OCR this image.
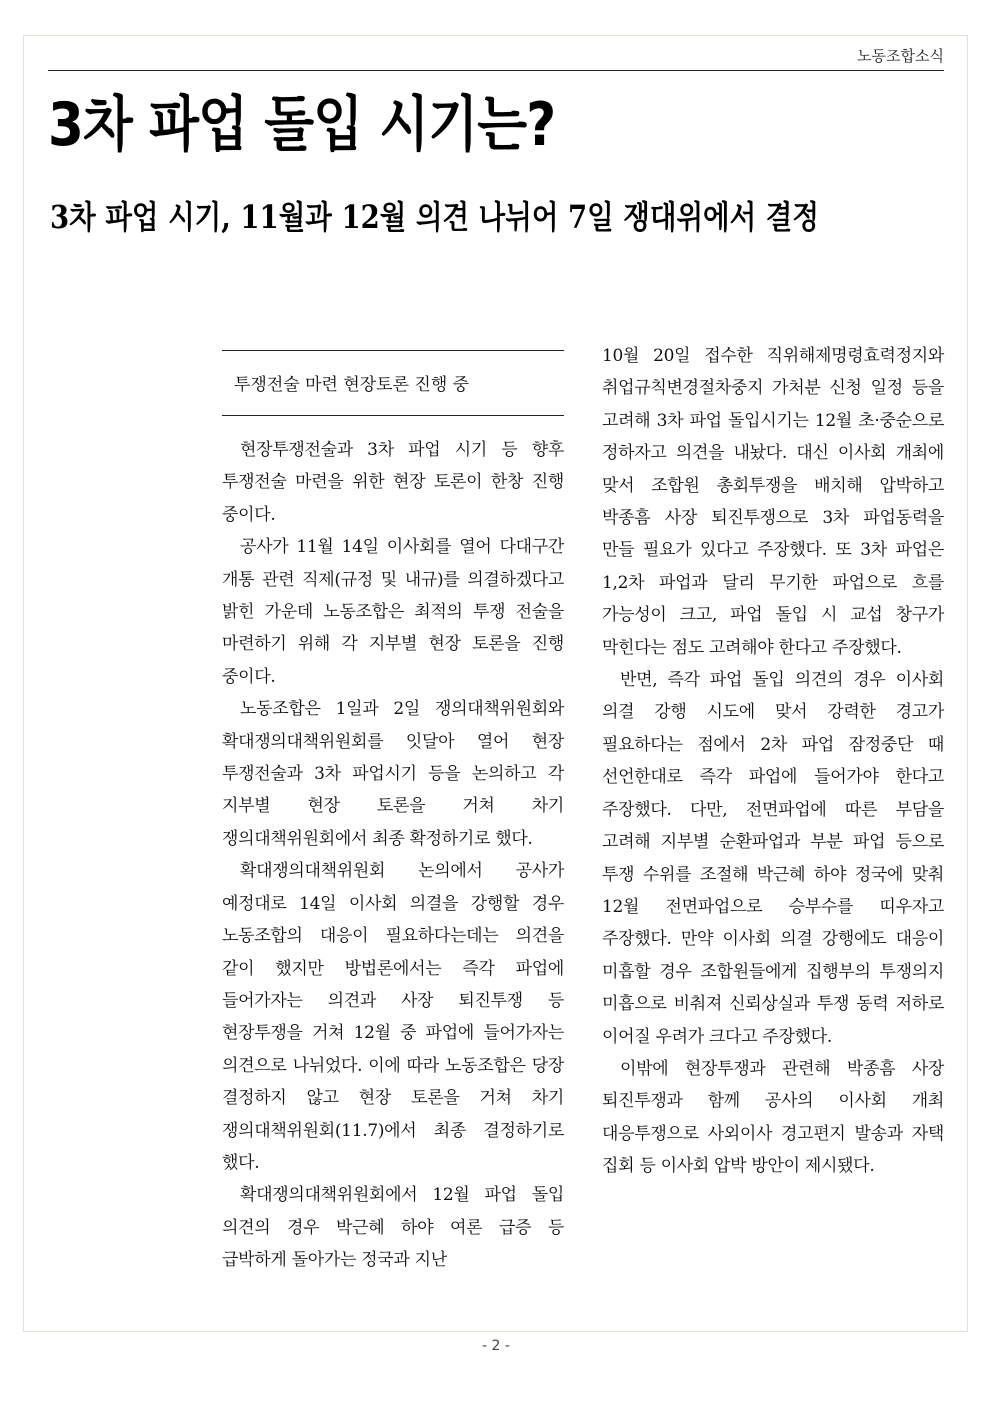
노동조합소식
3차 파업 돌입 시기는?
3차 파업 시기, 11월과 12월 의견 나뉘어 7일 쟁대위에서 결정
투쟁전술 마련 현장토론 진행 중

현장투쟁전술과 3차 파업 시기 등 향후 투쟁전술 마련을 위한 현장 토론이 한창 진행 중이다.

공사가 11월 14일 이사회를 열어 다대구간 개통 관련 직제(규정 및 내규)를 의결하겠다고 밝힌 가운데 노동조합은 최적의 투쟁 전술을 마련하기 위해 각 지부별 현장 토론을 진행 중이다.

노동조합은 1일과 2일 쟁의대책위원회와 확대쟁의대책위원회를 잇달아 열어 현장 투쟁전술과 3차 파업시기 등을 논의하고 각 지부별 현장 토론을 거쳐 차기 쟁의대책위원회에서 최종 확정하기로 했다.

확대쟁의대책위원회 논의에서 공사가 예정대로 14일 이사회 의결을 강행할 경우 노동조합의 대응이 필요하다는데는 의견을 같이 했지만 방법론에서는 즉각 파업에 들어가자는 의견과 사장 퇴진투쟁 등 현장투쟁을 거쳐 12월 중 파업에 들어가자는 의견으로 나뉘었다. 이에 따라 노동조합은 당장 결정하지 않고 현장 토론을 거쳐 차기 쟁의대책위원회(11.7)에서 최종 결정하기로 했다.

확대쟁의대책위원회에서 12월 파업 돌입 의견의 경우 박근혜 하야 여론 급증 등 급박하게 돌아가는 정국과 지난

10월 20일 접수한 직위해제명령효력정지와 취업규칙변경절차중지 가처분 신청 일정 등을 고려해 3차 파업 돌입시기는 12월 초·중순으로 정하자고 의견을 내놨다. 대신 이사회 개최에 맞서 조합원 총회투쟁을 배치해 압박하고 박종흠 사장 퇴진투쟁으로 3차 파업동력을 만들 필요가 있다고 주장했다. 또 3차 파업은 1,2차 파업과 달리 무기한 파업으로 흐를 가능성이 크고, 파업 돌입 시 교섭 창구가 막힌다는 점도 고려해야 한다고 주장했다.

반면, 즉각 파업 돌입 의견의 경우 이사회 의결 강행 시도에 맞서 강력한 경고가 필요하다는 점에서 2차 파업 잠정중단 때 선언한대로 즉각 파업에 들어가야 한다고 주장했다. 다만, 전면파업에 따른 부담을 고려해 지부별 순환파업과 부분 파업 등으로 투쟁 수위를 조절해 박근혜 하야 정국에 맞춰 12월 전면파업으로 승부수를 띠우자고 주장했다. 만약 이사회 의결 강행에도 대응이 미흡할 경우 조합원들에게 집행부의 투쟁의지 미흡으로 비춰져 신뢰상실과 투쟁 동력 저하로 이어질 우려가 크다고 주장했다.

이밖에 현장투쟁과 관련해 박종흠 사장 퇴진투쟁과 함께 공사의 이사회 개최 대응투쟁으로 사외이사 경고편지 발송과 자택 집회 등 이사회 압박 방안이 제시됐다.

- 2 -
